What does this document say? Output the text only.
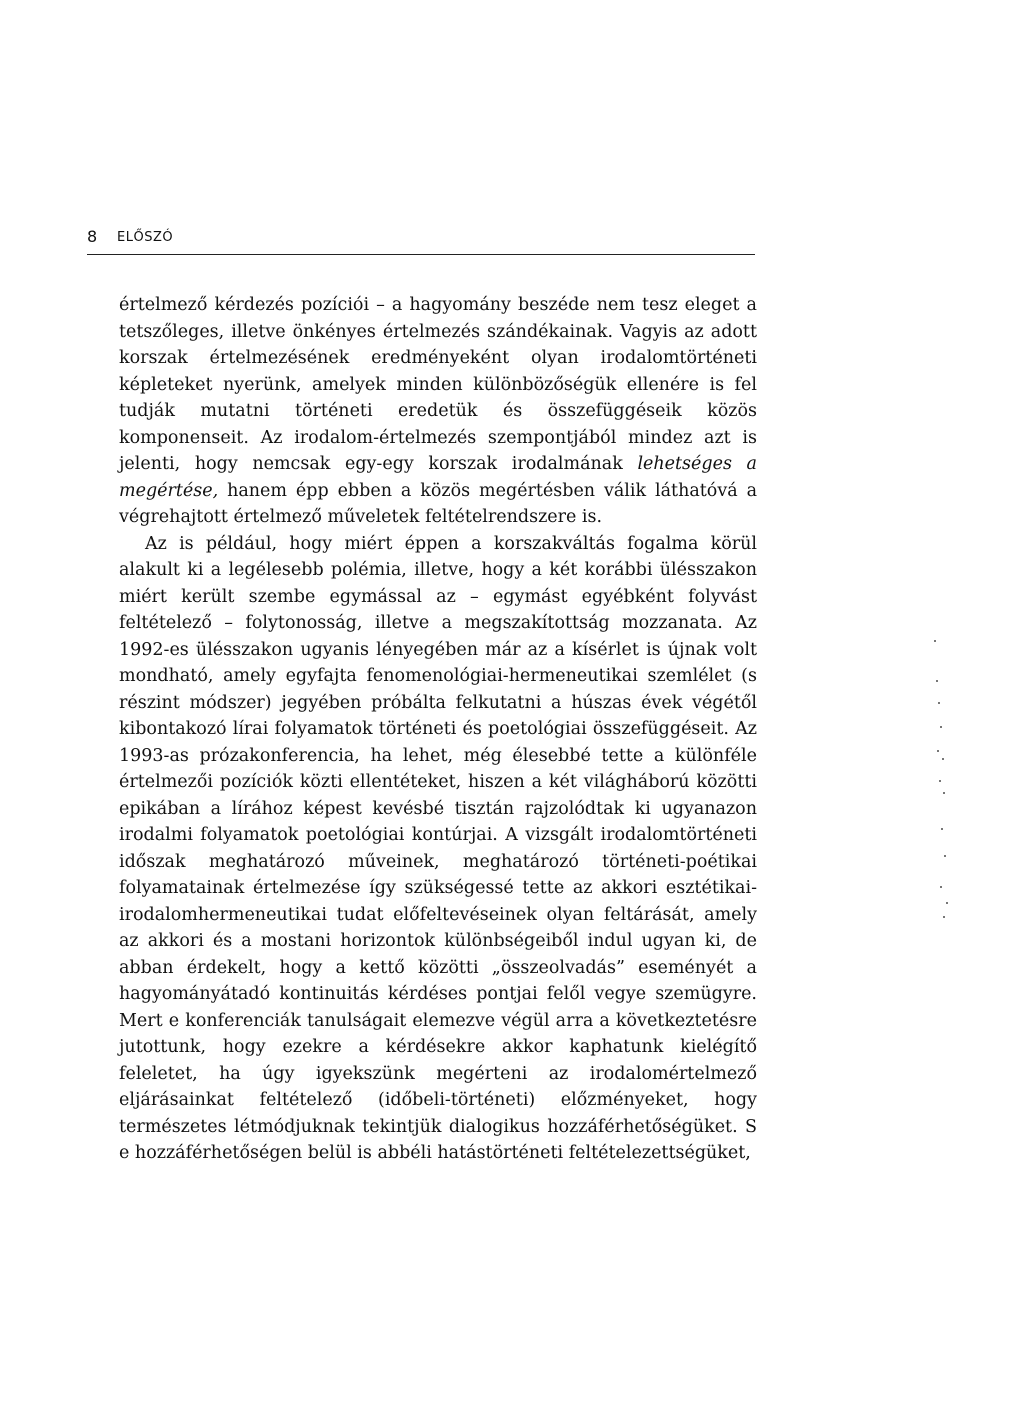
8 ELŐSZÓ

értelmező kérdezés pozíciói – a hagyomány beszéde nem tesz eleget a tetszőleges, illetve önkényes értelmezés szándékainak. Vagyis az adott korszak értelmezésének eredményeként olyan irodalomtörténeti képleteket nyerünk, amelyek minden különbözőségük ellenére is fel tudják mutatni történeti eredetük és összefüggéseik közös komponenseit. Az irodalom-értelmezés szempontjából mindez azt is jelenti, hogy nemcsak egy-egy korszak irodalmának lehetséges a megértése, hanem épp ebben a közös megértésben válik láthatóvá a végrehajtott értelmező műveletek feltételrendszere is.

Az is például, hogy miért éppen a korszakváltás fogalma körül alakult ki a legélesebb polémia, illetve, hogy a két korábbi ülésszakon miért került szembe egymással az – egymást egyébként folyvást feltételező – folytonosság, illetve a megszakítottság mozzanata. Az 1992-es ülésszakon ugyanis lényegében már az a kísérlet is újnak volt mondható, amely egyfajta fenomenológiai-hermeneutikai szemlélet (s részint módszer) jegyében próbálta felkutatni a húszas évek végétől kibontakozó lírai folyamatok történeti és poetológiai összefüggéseit. Az 1993-as prózakonferencia, ha lehet, még élesebbé tette a különféle értelmezői pozíciók közti ellentéteket, hiszen a két világháború közötti epikában a lírához képest kevésbé tisztán rajzolódtak ki ugyanazon irodalmi folyamatok poetológiai kontúrjai. A vizsgált irodalomtörténeti időszak meghatározó műveinek, meghatározó történeti-poétikai folyamatainak értelmezése így szükségessé tette az akkori esztétikai-irodalomhermeneutikai tudat előfeltevéseinek olyan feltárását, amely az akkori és a mostani horizontok különbségeiből indul ugyan ki, de abban érdekelt, hogy a kettő közötti „összeolvadás” eseményét a hagyományátadó kontinuitás kérdéses pontjai felől vegye szemügyre. Mert e konferenciák tanulságait elemezve végül arra a következtetésre jutottunk, hogy ezekre a kérdésekre akkor kaphatunk kielégítő feleletet, ha úgy igyekszünk megérteni az irodalomértelmező eljárásainkat feltételező (időbeli-történeti) előzményeket, hogy természetes létmódjuknak tekintjük dialogikus hozzáférhetőségüket. S e hozzáférhetőségen belül is abbéli hatástörténeti feltételezettségüket,
